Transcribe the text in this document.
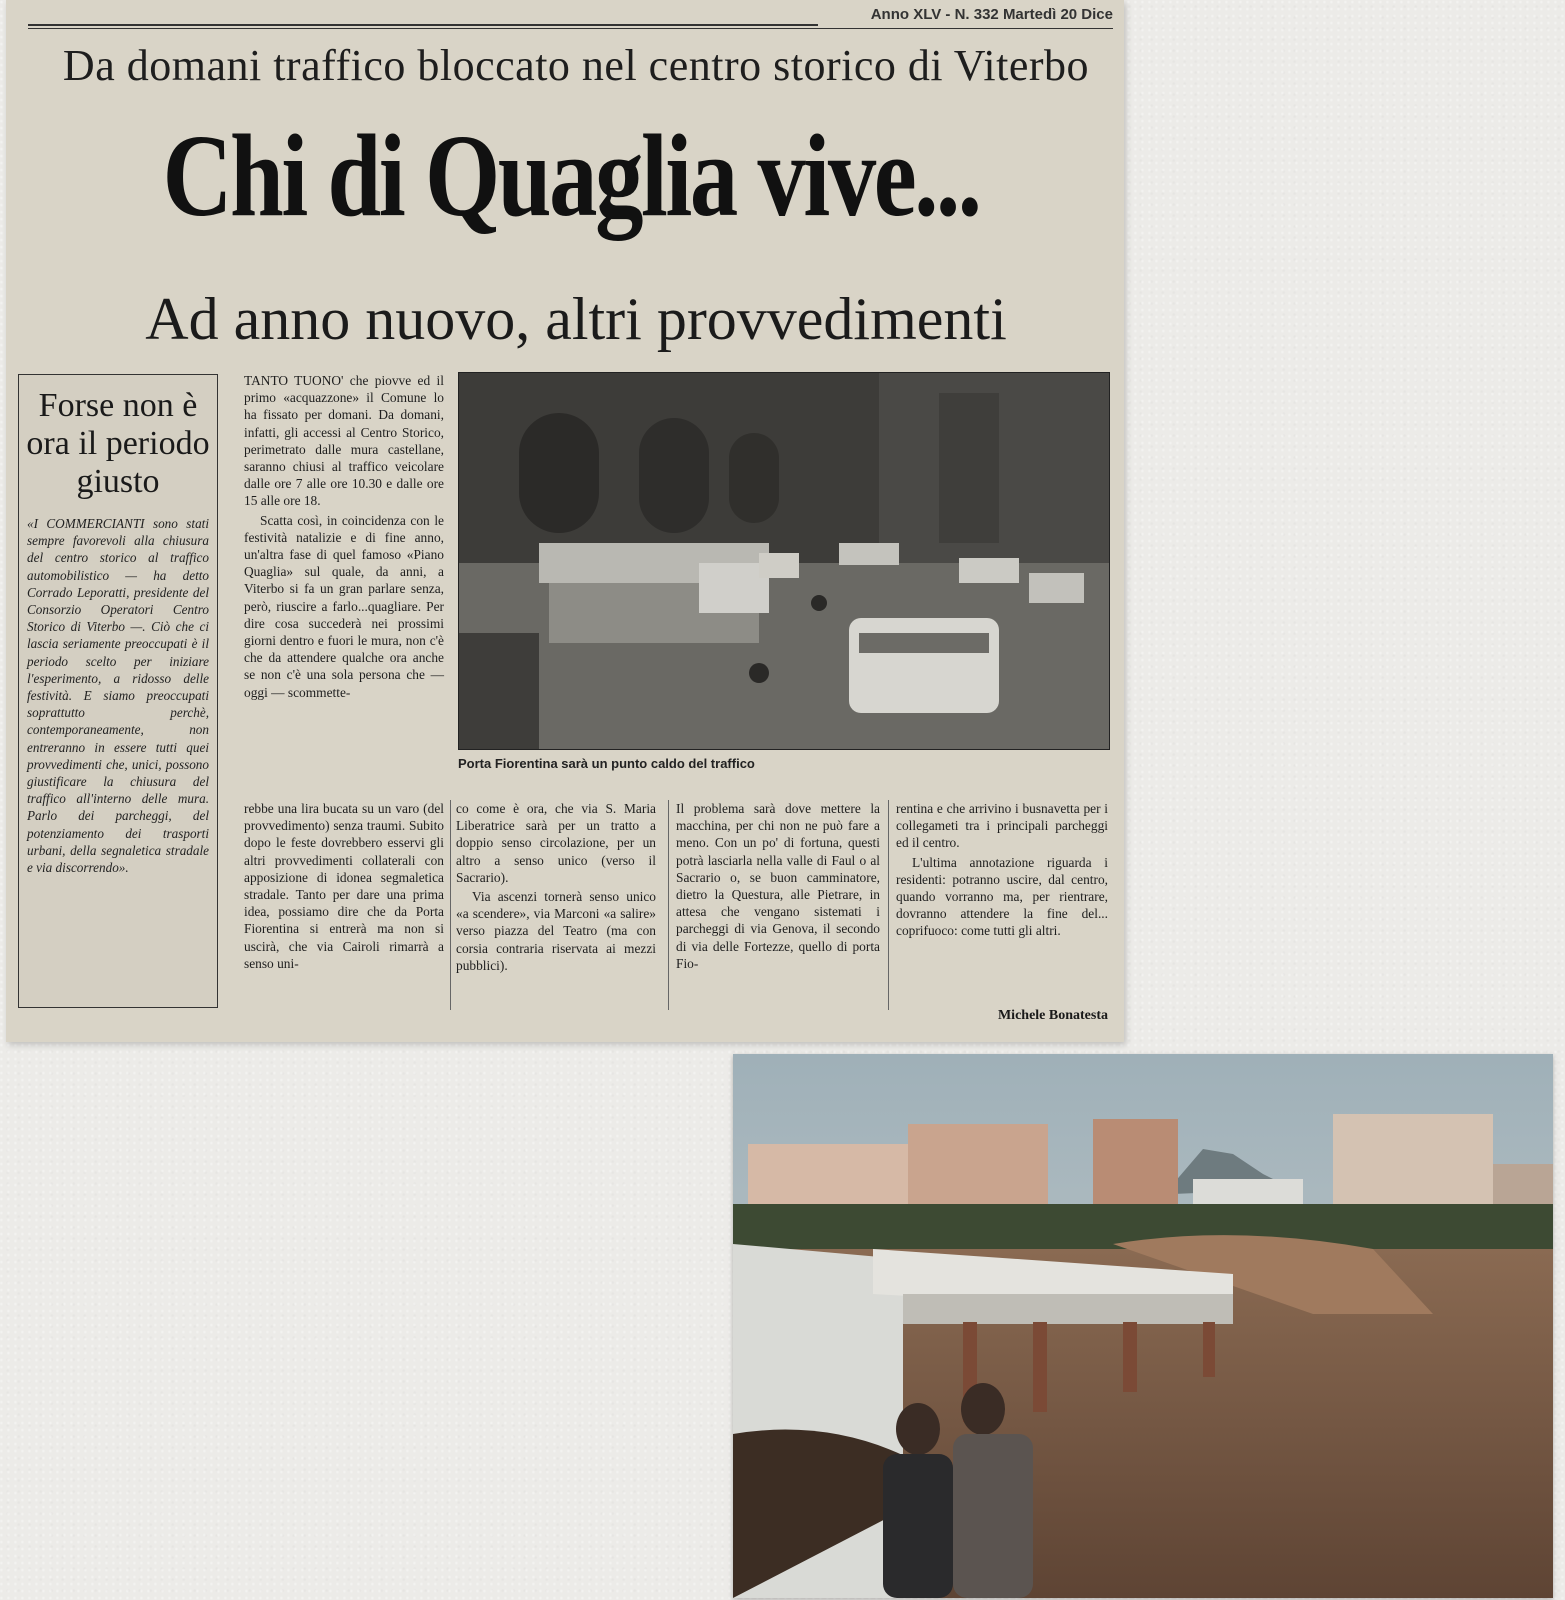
Anno XLV - N. 332 Martedì 20 Dice
Da domani traffico bloccato nel centro storico di Viterbo
Chi di Quaglia vive...
Ad anno nuovo, altri provvedimenti
Forse non è ora il periodo giusto
«I COMMERCIANTI sono stati sempre favorevoli alla chiusura del centro storico al traffico automobilistico — ha detto Corrado Leporatti, presidente del Consorzio Operatori Centro Storico di Viterbo —. Ciò che ci lascia seriamente preoccupati è il periodo scelto per iniziare l'esperimento, a ridosso delle festività. E siamo preoccupati soprattutto perchè, contemporaneamente, non entreranno in essere tutti quei provvedimenti che, unici, possono giustificare la chiusura del traffico all'interno delle mura. Parlo dei parcheggi, del potenziamento dei trasporti urbani, della segnaletica stradale e via discorrendo».

TANTO TUONO' che piovve ed il primo «acquazzone» il Comune lo ha fissato per domani. Da domani, infatti, gli accessi al Centro Storico, perimetrato dalle mura castellane, saranno chiusi al traffico veicolare dalle ore 7 alle ore 10.30 e dalle ore 15 alle ore 18.

Scatta così, in coincidenza con le festività natalizie e di fine anno, un'altra fase di quel famoso «Piano Quaglia» sul quale, da anni, a Viterbo si fa un gran parlare senza, però, riuscire a farlo...quagliare. Per dire cosa succederà nei prossimi giorni dentro e fuori le mura, non c'è che da attendere qualche ora anche se non c'è una sola persona che — oggi — scommette-

Porta Fiorentina sarà un punto caldo del traffico

rebbe una lira bucata su un varo (del provvedimento) senza traumi. Subito dopo le feste dovrebbero esservi gli altri provvedimenti collaterali con apposizione di idonea segmaletica stradale. Tanto per dare una prima idea, possiamo dire che da Porta Fiorentina si entrerà ma non si uscirà, che via Cairoli rimarrà a senso uni-

co come è ora, che via S. Maria Liberatrice sarà per un tratto a doppio senso circolazione, per un altro a senso unico (verso il Sacrario).

Via ascenzi tornerà senso unico «a scendere», via Marconi «a salire» verso piazza del Teatro (ma con corsia contraria riservata ai mezzi pubblici).

Il problema sarà dove mettere la macchina, per chi non ne può fare a meno. Con un po' di fortuna, questi potrà lasciarla nella valle di Faul o al Sacrario o, se buon camminatore, dietro la Questura, alle Pietrare, in attesa che vengano sistemati i parcheggi di via Genova, il secondo di via delle Fortezze, quello di porta Fio-

rentina e che arrivino i busnavetta per i collegameti tra i principali parcheggi ed il centro.

L'ultima annotazione riguarda i residenti: potranno uscire, dal centro, quando vorranno ma, per rientrare, dovranno attendere la fine del... coprifuoco: come tutti gli altri.

Michele Bonatesta
